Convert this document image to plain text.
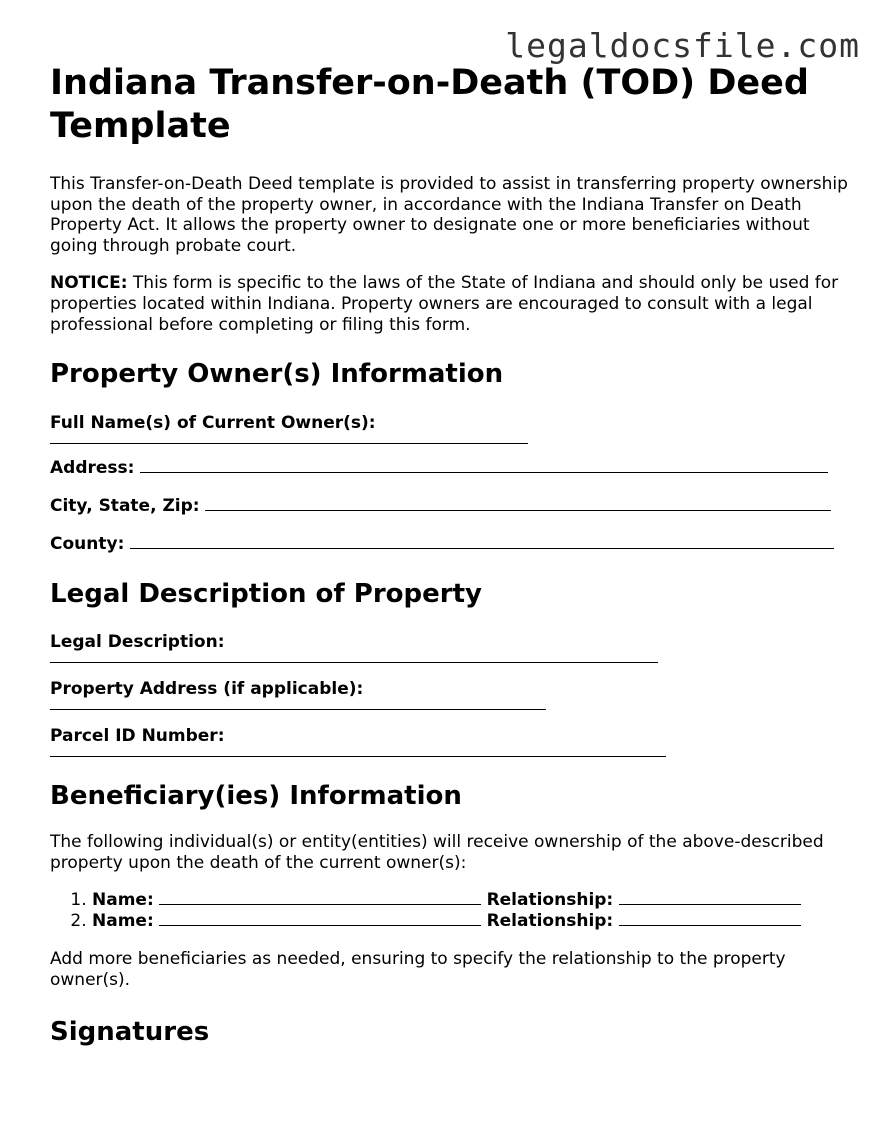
legaldocsfile.com
Indiana Transfer-on-Death (TOD) Deed Template

This Transfer-on-Death Deed template is provided to assist in transferring property ownership upon the death of the property owner, in accordance with the Indiana Transfer on Death Property Act. It allows the property owner to designate one or more beneficiaries without going through probate court.

NOTICE: This form is specific to the laws of the State of Indiana and should only be used for properties located within Indiana. Property owners are encouraged to consult with a legal professional before completing or filing this form.

Property Owner(s) Information
Full Name(s) of Current Owner(s):
Address:
City, State, Zip:
County:
Legal Description of Property
Legal Description:
Property Address (if applicable):
Parcel ID Number:
Beneficiary(ies) Information

The following individual(s) or entity(entities) will receive ownership of the above-described property upon the death of the current owner(s):

1. Name:	Relationship:
2. Name:	Relationship:

Add more beneficiaries as needed, ensuring to specify the relationship to the property owner(s).

Signatures
